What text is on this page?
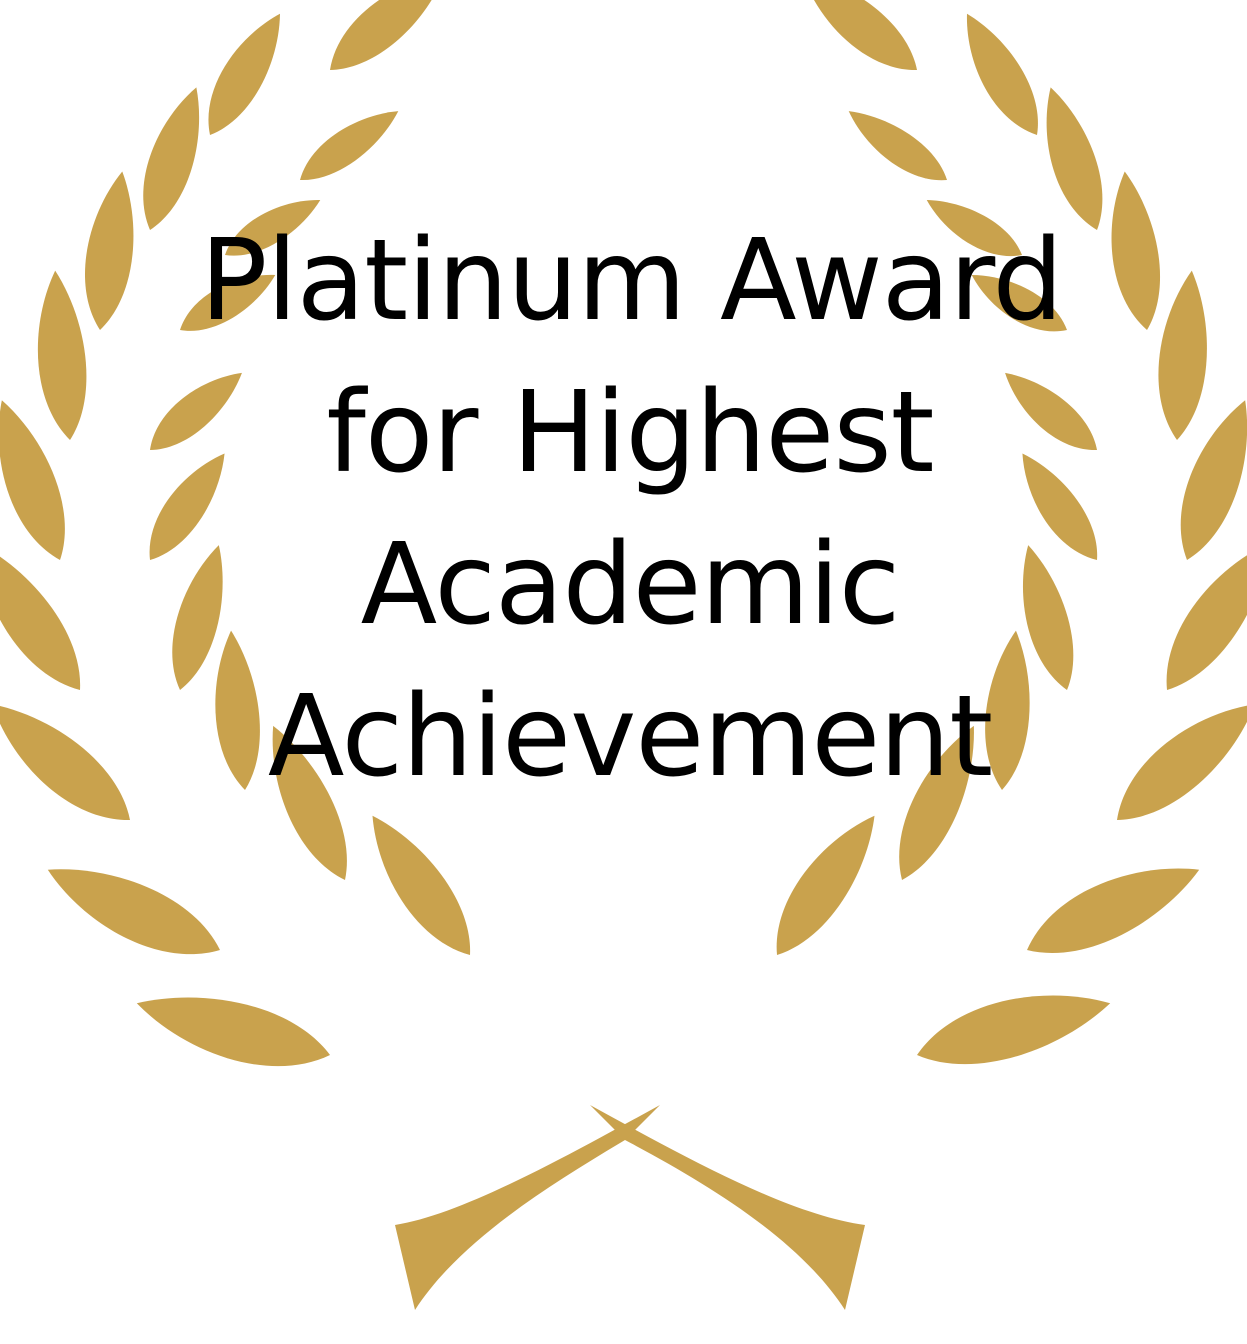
Platinum Award
for Highest
Academic
Achievement
